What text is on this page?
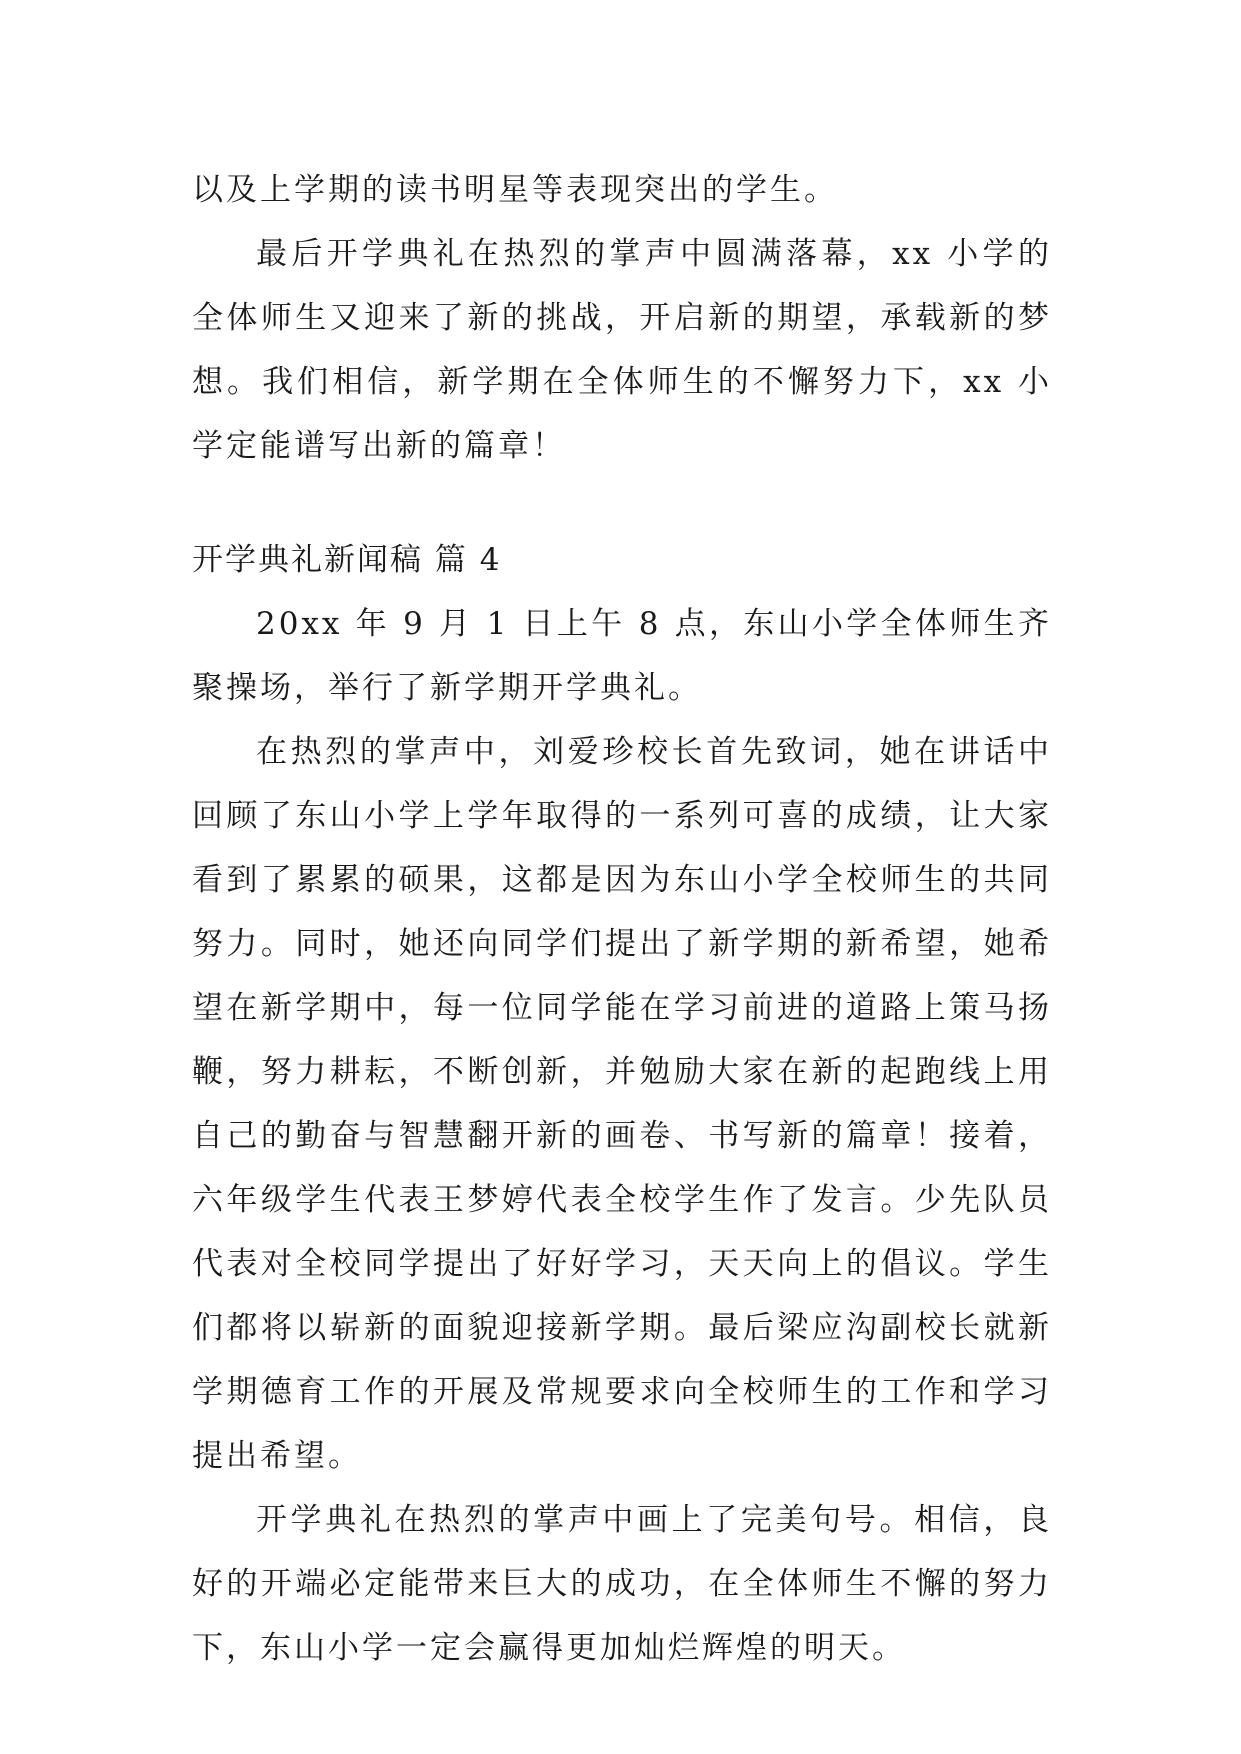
以及上学期的读书明星等表现突出的学生。

最后开学典礼在热烈的掌声中圆满落幕，xx 小学的全体师生又迎来了新的挑战，开启新的期望，承载新的梦想。我们相信，新学期在全体师生的不懈努力下，xx 小学定能谱写出新的篇章！

开学典礼新闻稿 篇 4

20xx 年 9 月 1 日上午 8 点，东山小学全体师生齐聚操场，举行了新学期开学典礼。

在热烈的掌声中，刘爱珍校长首先致词，她在讲话中回顾了东山小学上学年取得的一系列可喜的成绩，让大家看到了累累的硕果，这都是因为东山小学全校师生的共同努力。同时，她还向同学们提出了新学期的新希望，她希望在新学期中，每一位同学能在学习前进的道路上策马扬鞭，努力耕耘，不断创新，并勉励大家在新的起跑线上用自己的勤奋与智慧翻开新的画卷、书写新的篇章！接着，六年级学生代表王梦婷代表全校学生作了发言。少先队员代表对全校同学提出了好好学习，天天向上的倡议。学生们都将以崭新的面貌迎接新学期。最后梁应沟副校长就新学期德育工作的开展及常规要求向全校师生的工作和学习提出希望。

开学典礼在热烈的掌声中画上了完美句号。相信，良好的开端必定能带来巨大的成功，在全体师生不懈的努力下，东山小学一定会赢得更加灿烂辉煌的明天。
